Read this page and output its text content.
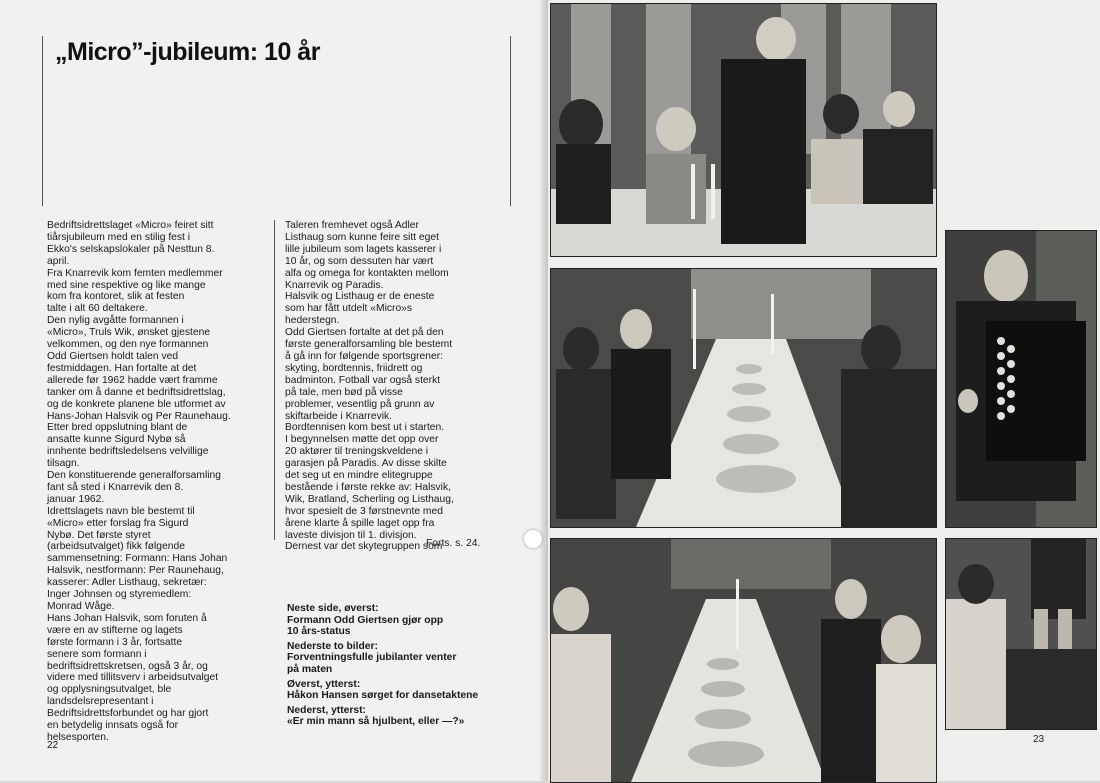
„Micro”-jubileum: 10 år
Bedriftsidrettslaget «Micro» feiret sitt
tiårsjubileum med en stilig fest i
Ekko's selskapslokaler på Nesttun 8.
april.
Fra Knarrevik kom femten medlemmer
med sine respektive og like mange
kom fra kontoret, slik at festen
talte i alt 60 deltakere.
Den nylig avgåtte formannen i
«Micro», Truls Wik, ønsket gjestene
velkommen, og den nye formannen
Odd Giertsen holdt talen ved
festmiddagen. Han fortalte at det
allerede før 1962 hadde vært framme
tanker om å danne et bedriftsidrettslag,
og de konkrete planene ble utformet av
Hans-Johan Halsvik og Per Raunehaug.
Etter bred oppslutning blant de
ansatte kunne Sigurd Nybø så
innhente bedriftsledelsens velvillige
tilsagn.
Den konstituerende generalforsamling
fant så sted i Knarrevik den 8.
januar 1962.
Idrettslagets navn ble bestemt til
«Micro» etter forslag fra Sigurd
Nybø. Det første styret
(arbeidsutvalget) fikk følgende
sammensetning: Formann: Hans Johan
Halsvik, nestformann: Per Raunehaug,
kasserer: Adler Listhaug, sekretær:
Inger Johnsen og styremedlem:
Monrad Wåge.
Hans Johan Halsvik, som foruten å
være en av stifterne og lagets
første formann i 3 år, fortsatte
senere som formann i
bedriftsidrettskretsen, også 3 år, og
videre med tillitsverv i arbeidsutvalget
og opplysningsutvalget, ble
landsdelsrepresentant i
Bedriftsidrettsforbundet og har gjort
en betydelig innsats også for
helsesporten.
Taleren fremhevet også Adler
Listhaug som kunne feire sitt eget
lille jubileum som lagets kasserer i
10 år, og som dessuten har vært
alfa og omega for kontakten mellom
Knarrevik og Paradis.
Halsvik og Listhaug er de eneste
som har fått utdelt «Micro»s
hederstegn.
Odd Giertsen fortalte at det på den
første generalforsamling ble bestemt
å gå inn for følgende sportsgrener:
skyting, bordtennis, friidrett og
badminton. Fotball var også sterkt
på tale, men bød på visse
problemer, vesentlig på grunn av
skiftarbeide i Knarrevik.
Bordtennisen kom best ut i starten.
I begynnelsen møtte det opp over
20 aktører til treningskveldene i
garasjen på Paradis. Av disse skilte
det seg ut en mindre elitegruppe
bestående i første rekke av: Halsvik,
Wik, Bratland, Scherling og Listhaug,
hvor spesielt de 3 førstnevnte med
årene klarte å spille laget opp fra
laveste divisjon til 1. divisjon.
Dernest var det skytegruppen som
Forts. s. 24.
Neste side, øverst:
Formann Odd Giertsen gjør opp
10 års-status
Nederste to bilder:
Forventningsfulle jubilanter venter
på maten
Øverst, ytterst:
Håkon Hansen sørget for dansetaktene
Nederst, ytterst:
«Er min mann så hjulbent, eller —?»
22
23
